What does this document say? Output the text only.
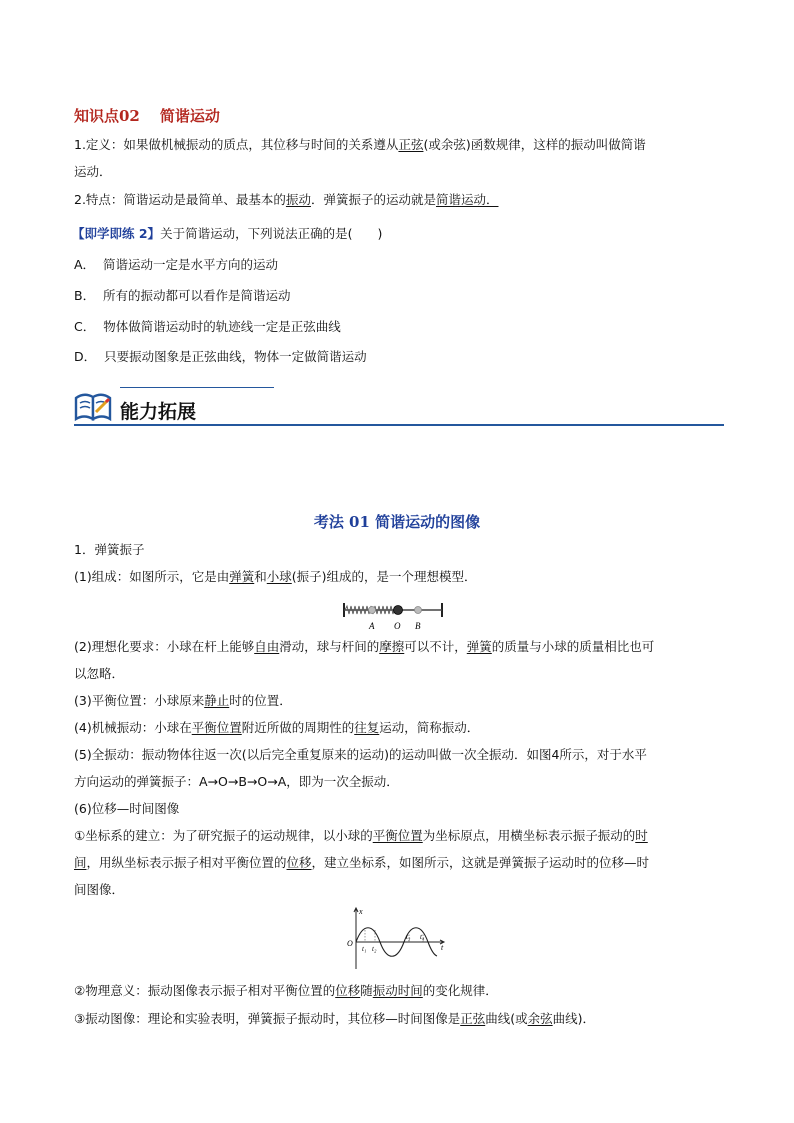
知识点02 简谐运动
1.定义：如果做机械振动的质点，其位移与时间的关系遵从正弦(或余弦)函数规律，这样的振动叫做简谐
运动．
2.特点：简谐运动是最简单、最基本的振动．弹簧振子的运动就是简谐运动．
【即学即练 2】关于简谐运动，下列说法正确的是(　　)
A． 简谐运动一定是水平方向的运动
B． 所有的振动都可以看作是简谐运动
C． 物体做简谐运动时的轨迹线一定是正弦曲线
D． 只要振动图象是正弦曲线，物体一定做简谐运动
能力拓展
考法 01 简谐运动的图像
1．弹簧振子
(1)组成：如图所示，它是由弹簧和小球(振子)组成的，是一个理想模型．
A O B
(2)理想化要求：小球在杆上能够自由滑动，球与杆间的摩擦可以不计，弹簧的质量与小球的质量相比也可
以忽略．
(3)平衡位置：小球原来静止时的位置．
(4)机械振动：小球在平衡位置附近所做的周期性的往复运动，简称振动．
(5)全振动：振动物体往返一次(以后完全重复原来的运动)的运动叫做一次全振动．如图4所示，对于水平
方向运动的弹簧振子：A→O→B→O→A，即为一次全振动．
(6)位移—时间图像
①坐标系的建立：为了研究振子的运动规律，以小球的平衡位置为坐标原点，用横坐标表示振子振动的时
间，用纵坐标表示振子相对平衡位置的位移，建立坐标系，如图所示，这就是弹簧振子运动时的位移—时
间图像．
x
O	t
t₁ t₂
t₃ t₄
②物理意义：振动图像表示振子相对平衡位置的位移随振动时间的变化规律．
③振动图像：理论和实验表明，弹簧振子振动时，其位移—时间图像是正弦曲线(或余弦曲线)．
